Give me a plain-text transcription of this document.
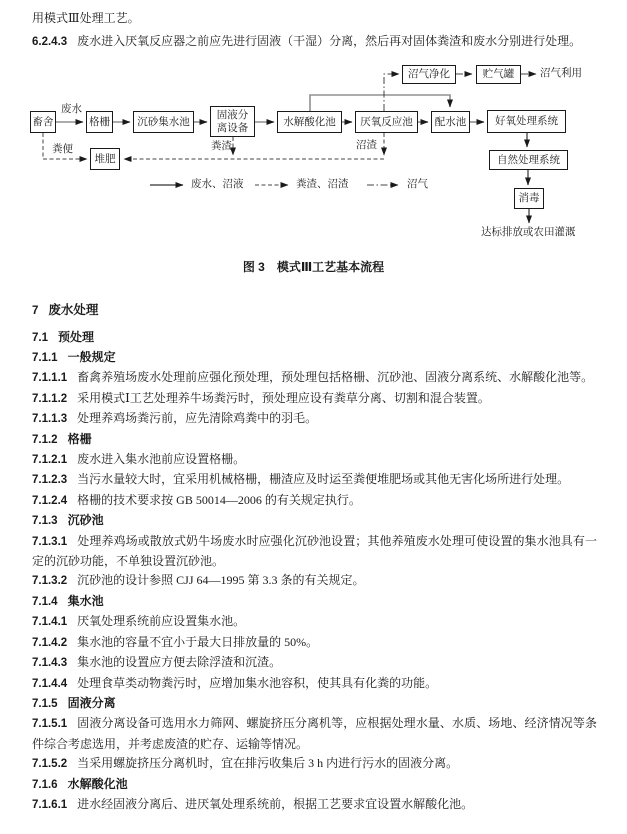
用模式Ⅲ处理工艺。

6.2.4.3 废水进入厌氧反应器之前应先进行固液（干湿）分离，然后再对固体粪渣和废水分别进行处理。

畜舍	格栅	沉砂集水池
固液分离设备
水解酸化池	厌氧反应池	配水池	好氧处理系统
自然处理系统
消毒
堆肥
沼气净化	贮气罐	沼气利用
达标排放或农田灌溉
废水
粪便	粪渣	沼渣
废水、沼液	粪渣、沼渣	沼气
图 3　模式Ⅲ工艺基本流程

7 废水处理

7.1 预处理

7.1.1 一般规定

7.1.1.1 畜禽养殖场废水处理前应强化预处理，预处理包括格栅、沉砂池、固液分离系统、水解酸化池等。

7.1.1.2 采用模式Ⅰ工艺处理养牛场粪污时，预处理应设有粪草分离、切割和混合装置。

7.1.1.3 处理养鸡场粪污前，应先清除鸡粪中的羽毛。

7.1.2 格栅

7.1.2.1 废水进入集水池前应设置格栅。

7.1.2.3 当污水量较大时，宜采用机械格栅，栅渣应及时运至粪便堆肥场或其他无害化场所进行处理。

7.1.2.4 格栅的技术要求按 GB 50014—2006 的有关规定执行。

7.1.3 沉砂池

7.1.3.1 处理养鸡场或散放式奶牛场废水时应强化沉砂池设置；其他养殖废水处理可使设置的集水池具有一定的沉砂功能，不单独设置沉砂池。

7.1.3.2 沉砂池的设计参照 CJJ 64—1995 第 3.3 条的有关规定。

7.1.4 集水池

7.1.4.1 厌氧处理系统前应设置集水池。

7.1.4.2 集水池的容量不宜小于最大日排放量的 50%。

7.1.4.3 集水池的设置应方便去除浮渣和沉渣。

7.1.4.4 处理食草类动物粪污时，应增加集水池容积，使其具有化粪的功能。

7.1.5 固液分离

7.1.5.1 固液分离设备可选用水力筛网、螺旋挤压分离机等，应根据处理水量、水质、场地、经济情况等条件综合考虑选用，并考虑废渣的贮存、运输等情况。

7.1.5.2 当采用螺旋挤压分离机时，宜在排污收集后 3 h 内进行污水的固液分离。

7.1.6 水解酸化池

7.1.6.1 进水经固液分离后、进厌氧处理系统前，根据工艺要求宜设置水解酸化池。
